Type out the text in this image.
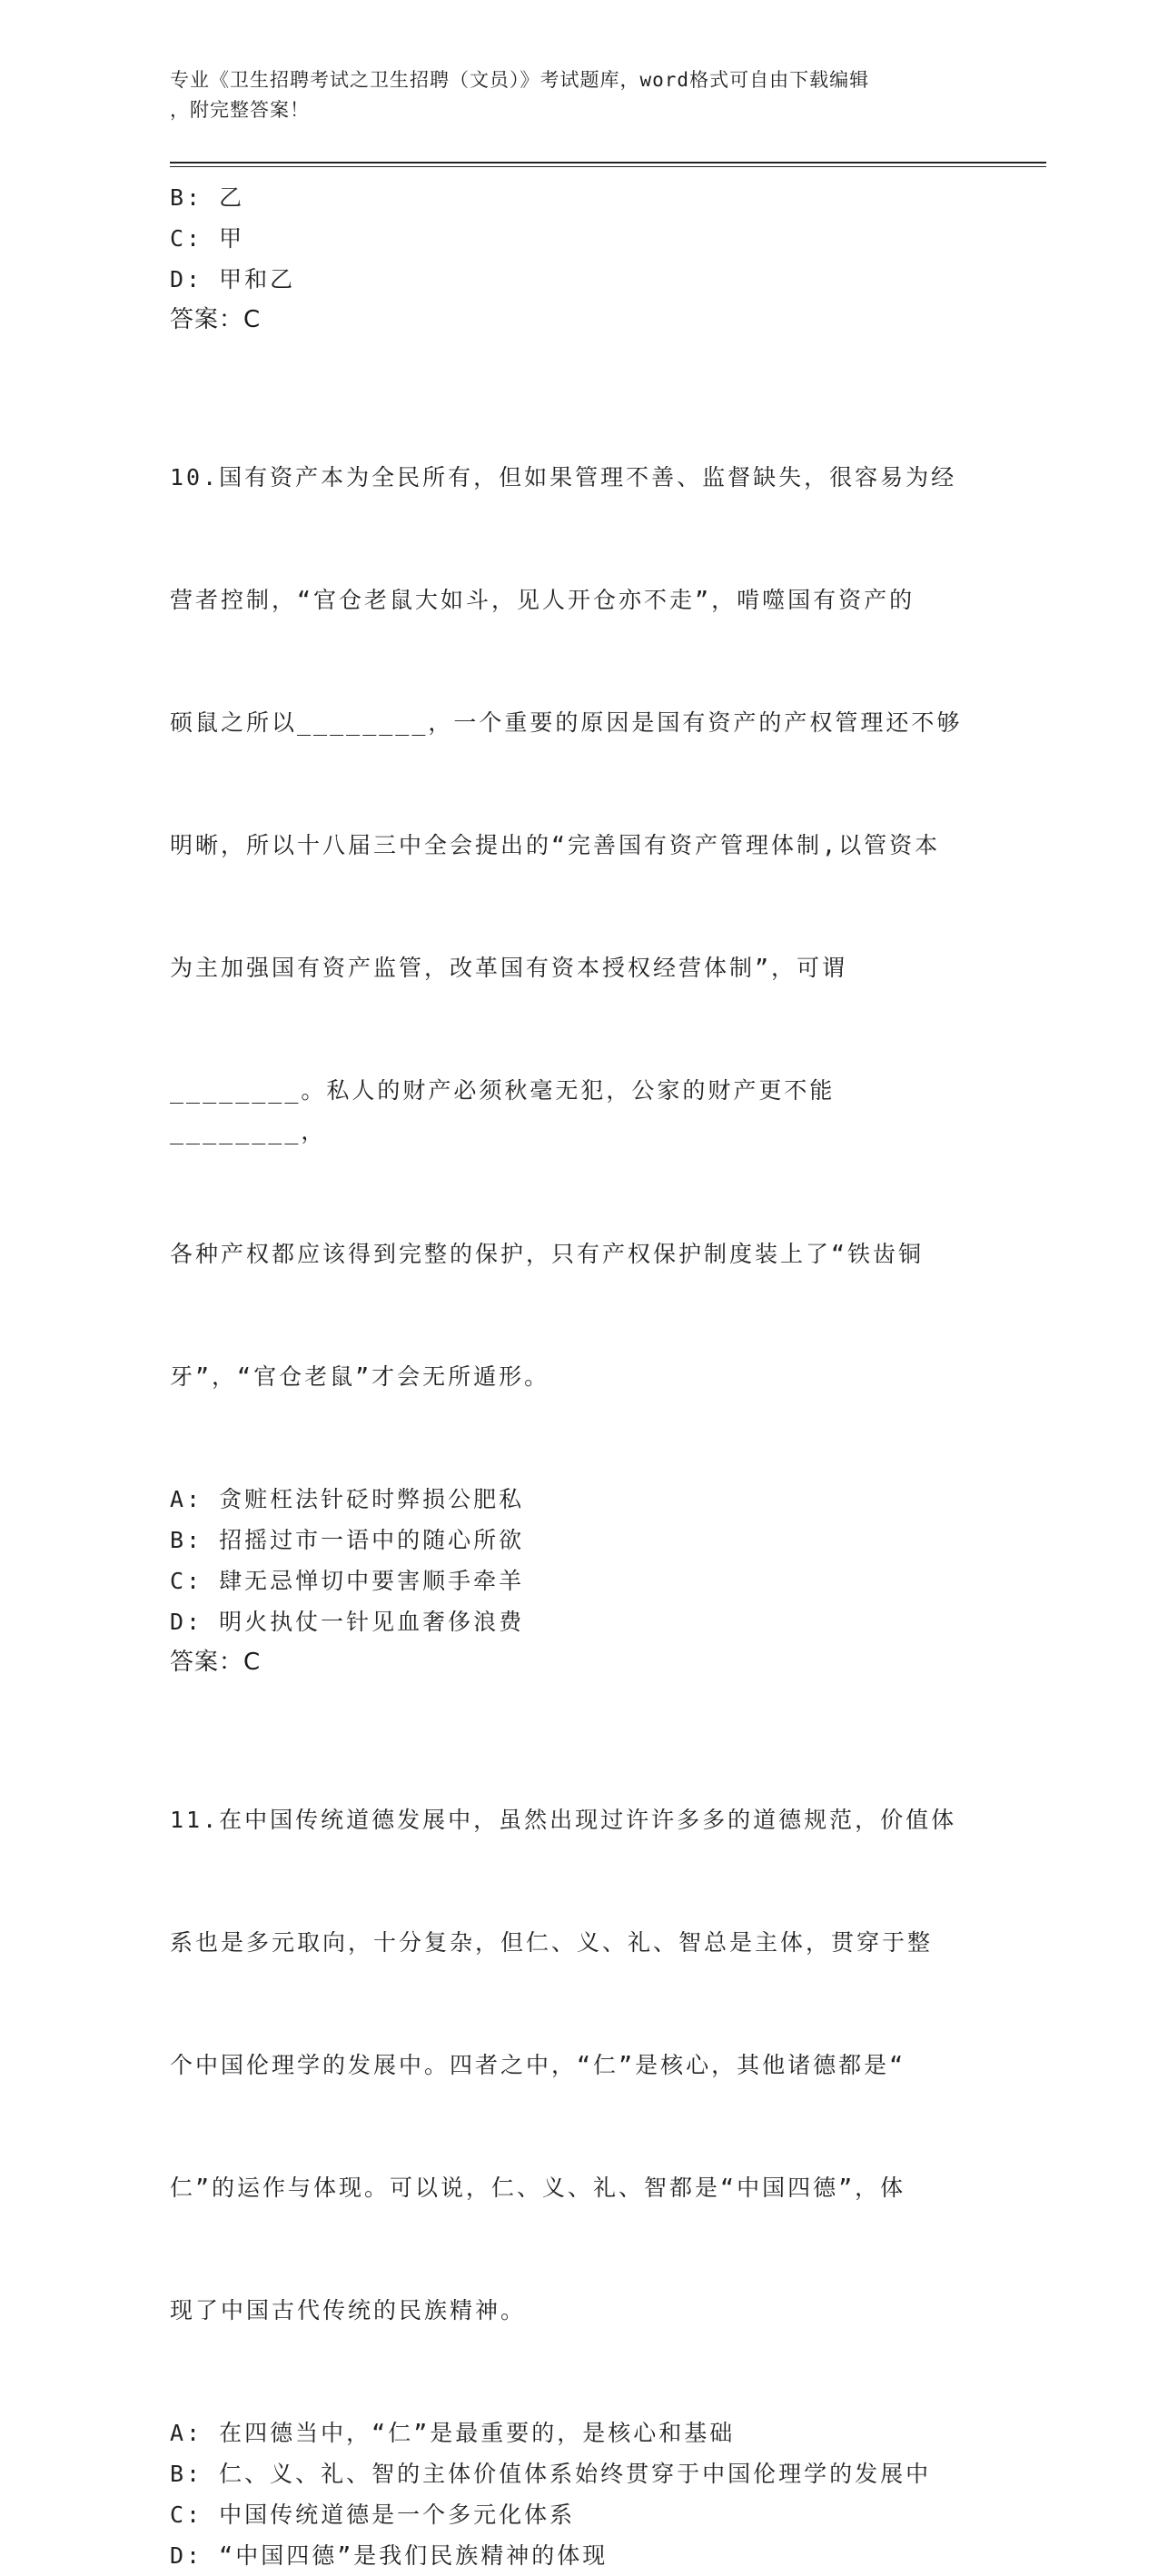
专业《卫生招聘考试之卫生招聘（文员）》考试题库，word格式可自由下载编辑
，附完整答案！
B: 乙
C: 甲
D: 甲和乙
答案：C

10.国有资产本为全民所有，但如果管理不善、监督缺失，很容易为经

营者控制，“官仓老鼠大如斗，见人开仓亦不走”，啃噬国有资产的

硕鼠之所以________，一个重要的原因是国有资产的产权管理还不够

明晰，所以十八届三中全会提出的“完善国有资产管理体制,以管资本

为主加强国有资产监管，改革国有资本授权经营体制”，可谓

________。私人的财产必须秋毫无犯，公家的财产更不能________，

各种产权都应该得到完整的保护，只有产权保护制度装上了“铁齿铜

牙”，“官仓老鼠”才会无所遁形。

A: 贪赃枉法针砭时弊损公肥私
B: 招摇过市一语中的随心所欲
C: 肆无忌惮切中要害顺手牵羊
D: 明火执仗一针见血奢侈浪费
答案：C

11.在中国传统道德发展中，虽然出现过许许多多的道德规范，价值体

系也是多元取向，十分复杂，但仁、义、礼、智总是主体，贯穿于整

个中国伦理学的发展中。四者之中，“仁”是核心，其他诸德都是“

仁”的运作与体现。可以说，仁、义、礼、智都是“中国四德”，体

现了中国古代传统的民族精神。

A: 在四德当中，“仁”是最重要的，是核心和基础
B: 仁、义、礼、智的主体价值体系始终贯穿于中国伦理学的发展中
C: 中国传统道德是一个多元化体系
D: “中国四德”是我们民族精神的体现
